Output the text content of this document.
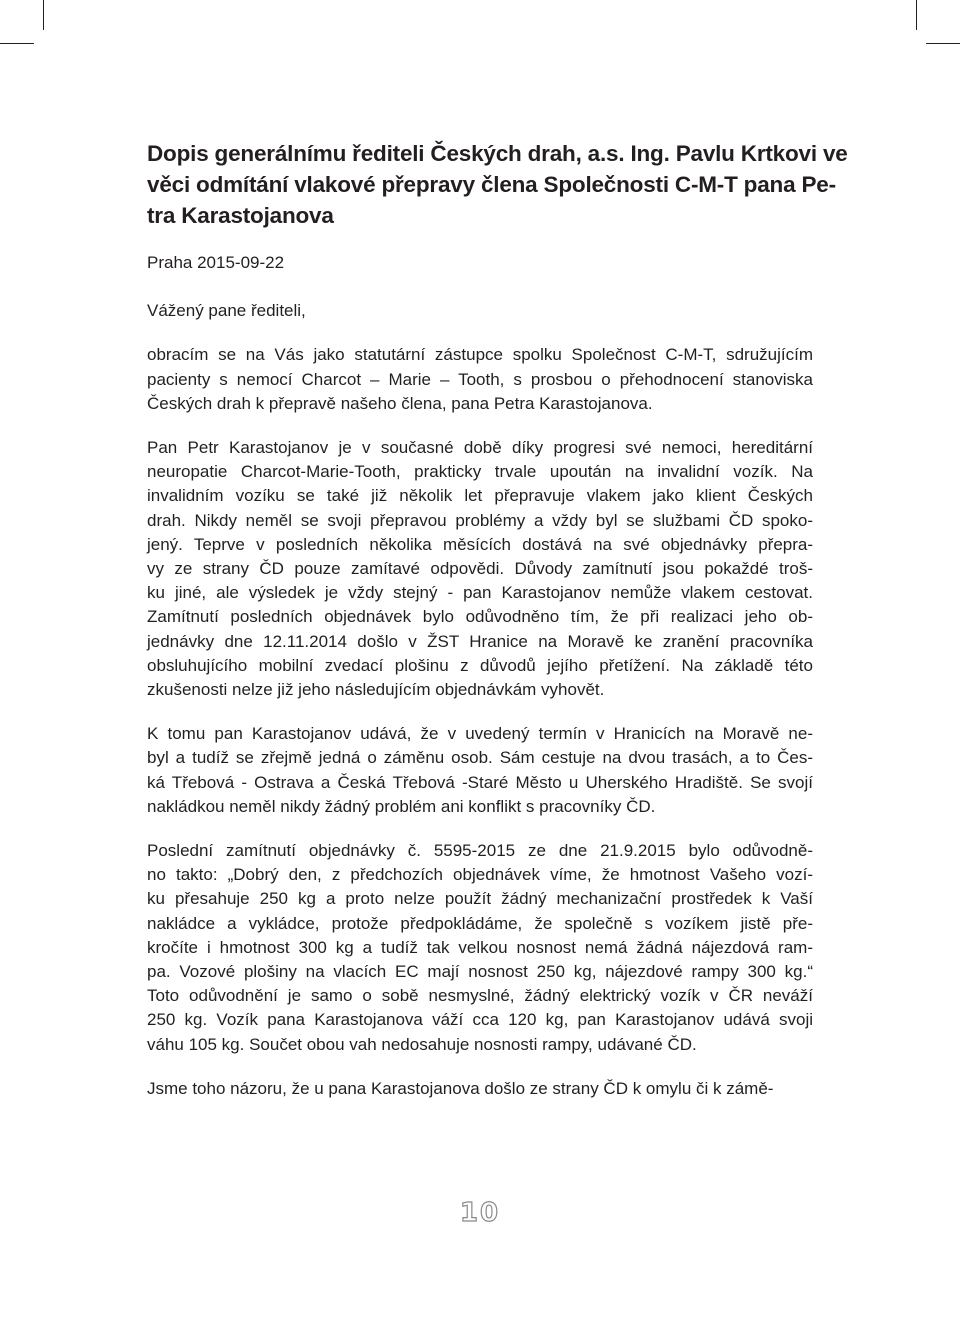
Dopis generálnímu řediteli Českých drah, a.s. Ing. Pavlu Krtkovi ve
věci odmítání vlakové přepravy člena Společnosti C-M-T pana Pe-
tra Karastojanova

Praha 2015-09-22

Vážený pane řediteli,

obracím se na Vás jako statutární zástupce spolku Společnost C-M-T, sdružujícím
pacienty s nemocí Charcot – Marie – Tooth, s prosbou o přehodnocení stanoviska
Českých drah k přepravě našeho člena, pana Petra Karastojanova.

Pan Petr Karastojanov je v současné době díky progresi své nemoci, hereditární
neuropatie Charcot-Marie-Tooth, prakticky trvale upoután na invalidní vozík. Na
invalidním vozíku se také již několik let přepravuje vlakem jako klient Českých
drah. Nikdy neměl se svoji přepravou problémy a vždy byl se službami ČD spoko-
jený. Teprve v posledních několika měsících dostává na své objednávky přepra-
vy ze strany ČD pouze zamítavé odpovědi. Důvody zamítnutí jsou pokaždé troš-
ku jiné, ale výsledek je vždy stejný - pan Karastojanov nemůže vlakem cestovat.
Zamítnutí posledních objednávek bylo odůvodněno tím, že při realizaci jeho ob-
jednávky dne 12.11.2014 došlo v ŽST Hranice na Moravě ke zranění pracovníka
obsluhujícího mobilní zvedací plošinu z důvodů jejího přetížení. Na základě této
zkušenosti nelze již jeho následujícím objednávkám vyhovět.

K tomu pan Karastojanov udává, že v uvedený termín v Hranicích na Moravě ne-
byl a tudíž se zřejmě jedná o záměnu osob. Sám cestuje na dvou trasách, a to Čes-
ká Třebová - Ostrava a Česká Třebová -Staré Město u Uherského Hradiště. Se svojí
nakládkou neměl nikdy žádný problém ani konflikt s pracovníky ČD.

Poslední zamítnutí objednávky č. 5595-2015 ze dne 21.9.2015 bylo odůvodně-
no takto: „Dobrý den, z předchozích objednávek víme, že hmotnost Vašeho vozí-
ku přesahuje 250 kg a proto nelze použít žádný mechanizační prostředek k Vaší
nakládce a vykládce, protože předpokládáme, že společně s vozíkem jistě pře-
kročíte i hmotnost 300 kg a tudíž tak velkou nosnost nemá žádná nájezdová ram-
pa. Vozové plošiny na vlacích EC mají nosnost 250 kg, nájezdové rampy 300 kg.“
Toto odůvodnění je samo o sobě nesmyslné, žádný elektrický vozík v ČR neváží
250 kg. Vozík pana Karastojanova váží cca 120 kg, pan Karastojanov udává svoji
váhu 105 kg. Součet obou vah nedosahuje nosnosti rampy, udávané ČD.

Jsme toho názoru, že u pana Karastojanova došlo ze strany ČD k omylu či k zámě-

10
